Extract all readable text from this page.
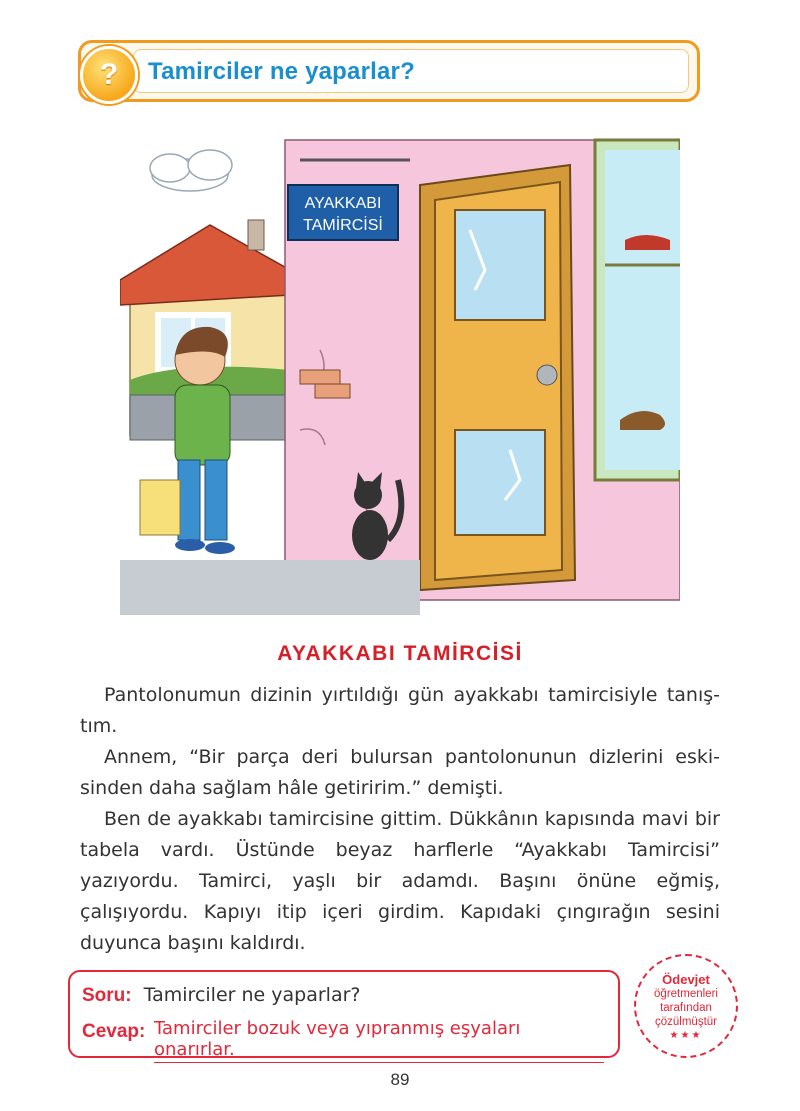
?	Tamirciler ne yaparlar?
AYAKKABI
TAMİRCİSİ
AYAKKABI TAMİRCİSİ

Pantolonumun dizinin yırtıldığı gün ayakkabı tamircisiyle tanış-tım.

Annem, “Bir parça deri bulursan pantolonunun dizlerini eski-sinden daha sağlam hâle getiririm.” demişti.

Ben de ayakkabı tamircisine gittim. Dükkânın kapısında mavi bir tabela vardı. Üstünde beyaz harflerle “Ayakkabı Tamircisi” yazıyordu. Tamirci, yaşlı bir adamdı. Başını önüne eğmiş, çalışıyordu. Kapıyı itip içeri girdim. Kapıdaki çıngırağın sesini duyunca başını kaldırdı.

Soru: Tamirciler ne yaparlar?
Cevap: Tamirciler bozuk veya yıpranmış eşyaları onarırlar.
Ödevjet
öğretmenleri
tarafından
çözülmüştür
★★★
89
